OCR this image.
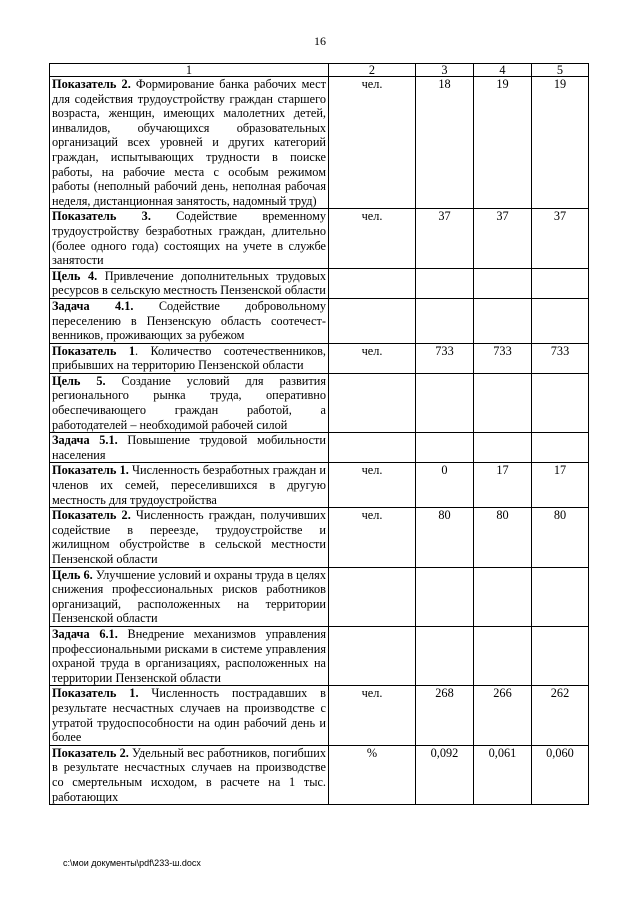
16
1	2	3	4	5
Показатель 2. Формирование банка рабочих мест для содействия трудоустройству граждан старшего возраста, женщин, имеющих малолетних детей, инвалидов, обучающихся образовательных организаций всех уровней и других категорий граждан, испытывающих трудности в поиске работы, на рабочие места с особым режимом работы (неполный рабочий день, неполная рабочая неделя, дистанционная занятость, надомный труд)	чел.	18	19	19
Показатель 3. Содействие временному трудоустройству безработных граждан, длительно (более одного года) состоящих на учете в службе занятости	чел.	37	37	37
Цель 4. Привлечение дополнительных трудовых ресурсов в сельскую местность Пензенской области				
Задача 4.1. Содействие добровольному переселению в Пензенскую область соотечественников, проживающих за рубежом				
Показатель 1. Количество соотечественников, прибывших на территорию Пензенской области	чел.	733	733	733
Цель 5. Создание условий для развития регионального рынка труда, оперативно обеспечивающего граждан работой, а работодателей – необходимой рабочей силой				
Задача 5.1. Повышение трудовой мобильности населения				
Показатель 1. Численность безработных граждан и членов их семей, переселившихся в другую местность для трудоустройства	чел.	0	17	17
Показатель 2. Численность граждан, получивших содействие в переезде, трудоустройстве и жилищном обустройстве в сельской местности Пензенской области	чел.	80	80	80
Цель 6. Улучшение условий и охраны труда в целях снижения профессиональных рисков работников организаций, расположенных на территории Пензенской области				
Задача 6.1. Внедрение механизмов управления профессиональными рисками в системе управления охраной труда в организациях, расположенных на территории Пензенской области				
Показатель 1. Численность пострадавших в результате несчастных случаев на производстве с утратой трудоспособности на один рабочий день и более	чел.	268	266	262
Показатель 2. Удельный вес работников, погибших в результате несчастных случаев на производстве со смертельным исходом, в расчете на 1 тыс. работающих	%	0,092	0,061	0,060
c:\мои документы\pdf\233-ш.docx
